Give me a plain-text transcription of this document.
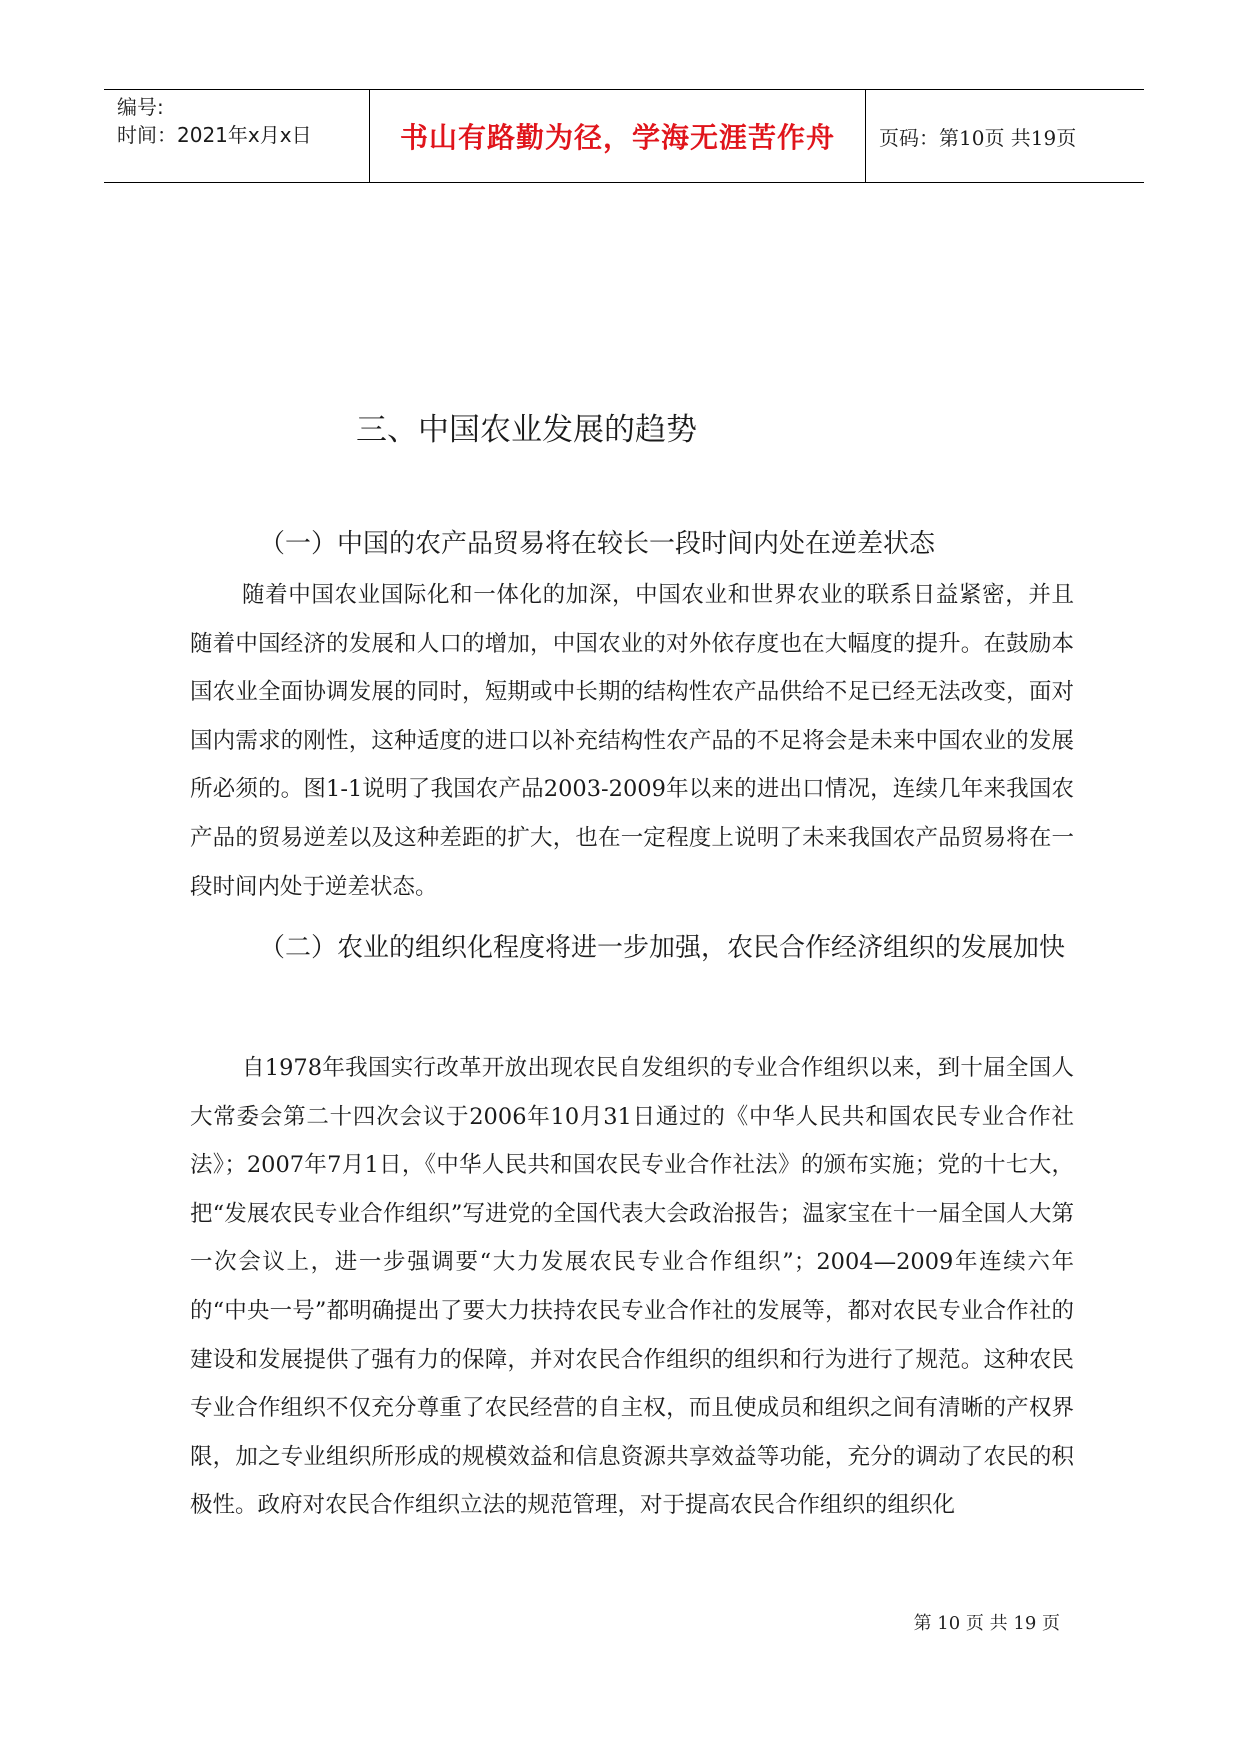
编号:
时间：2021年x月x日	书山有路勤为径，学海无涯苦作舟	页码：第10页 共19页
三、中国农业发展的趋势
（一）中国的农产品贸易将在较长一段时间内处在逆差状态

随着中国农业国际化和一体化的加深，中国农业和世界农业的联系日益紧密，并且随着中国经济的发展和人口的增加，中国农业的对外依存度也在大幅度的提升。在鼓励本国农业全面协调发展的同时，短期或中长期的结构性农产品供给不足已经无法改变，面对国内需求的刚性，这种适度的进口以补充结构性农产品的不足将会是未来中国农业的发展所必须的。图1-1说明了我国农产品2003-2009年以来的进出口情况，连续几年来我国农产品的贸易逆差以及这种差距的扩大，也在一定程度上说明了未来我国农产品贸易将在一段时间内处于逆差状态。

（二）农业的组织化程度将进一步加强，农民合作经济组织的发展加快

自1978年我国实行改革开放出现农民自发组织的专业合作组织以来，到十届全国人大常委会第二十四次会议于2006年10月31日通过的《中华人民共和国农民专业合作社法》；2007年7月1日，《中华人民共和国农民专业合作社法》的颁布实施；党的十七大，把“发展农民专业合作组织”写进党的全国代表大会政治报告；温家宝在十一届全国人大第一次会议上，进一步强调要“大力发展农民专业合作组织”；2004—2009年连续六年的“中央一号”都明确提出了要大力扶持农民专业合作社的发展等，都对农民专业合作社的建设和发展提供了强有力的保障，并对农民合作组织的组织和行为进行了规范。这种农民专业合作组织不仅充分尊重了农民经营的自主权，而且使成员和组织之间有清晰的产权界限，加之专业组织所形成的规模效益和信息资源共享效益等功能，充分的调动了农民的积极性。政府对农民合作组织立法的规范管理，对于提高农民合作组织的组织化

第 10 页 共 19 页
